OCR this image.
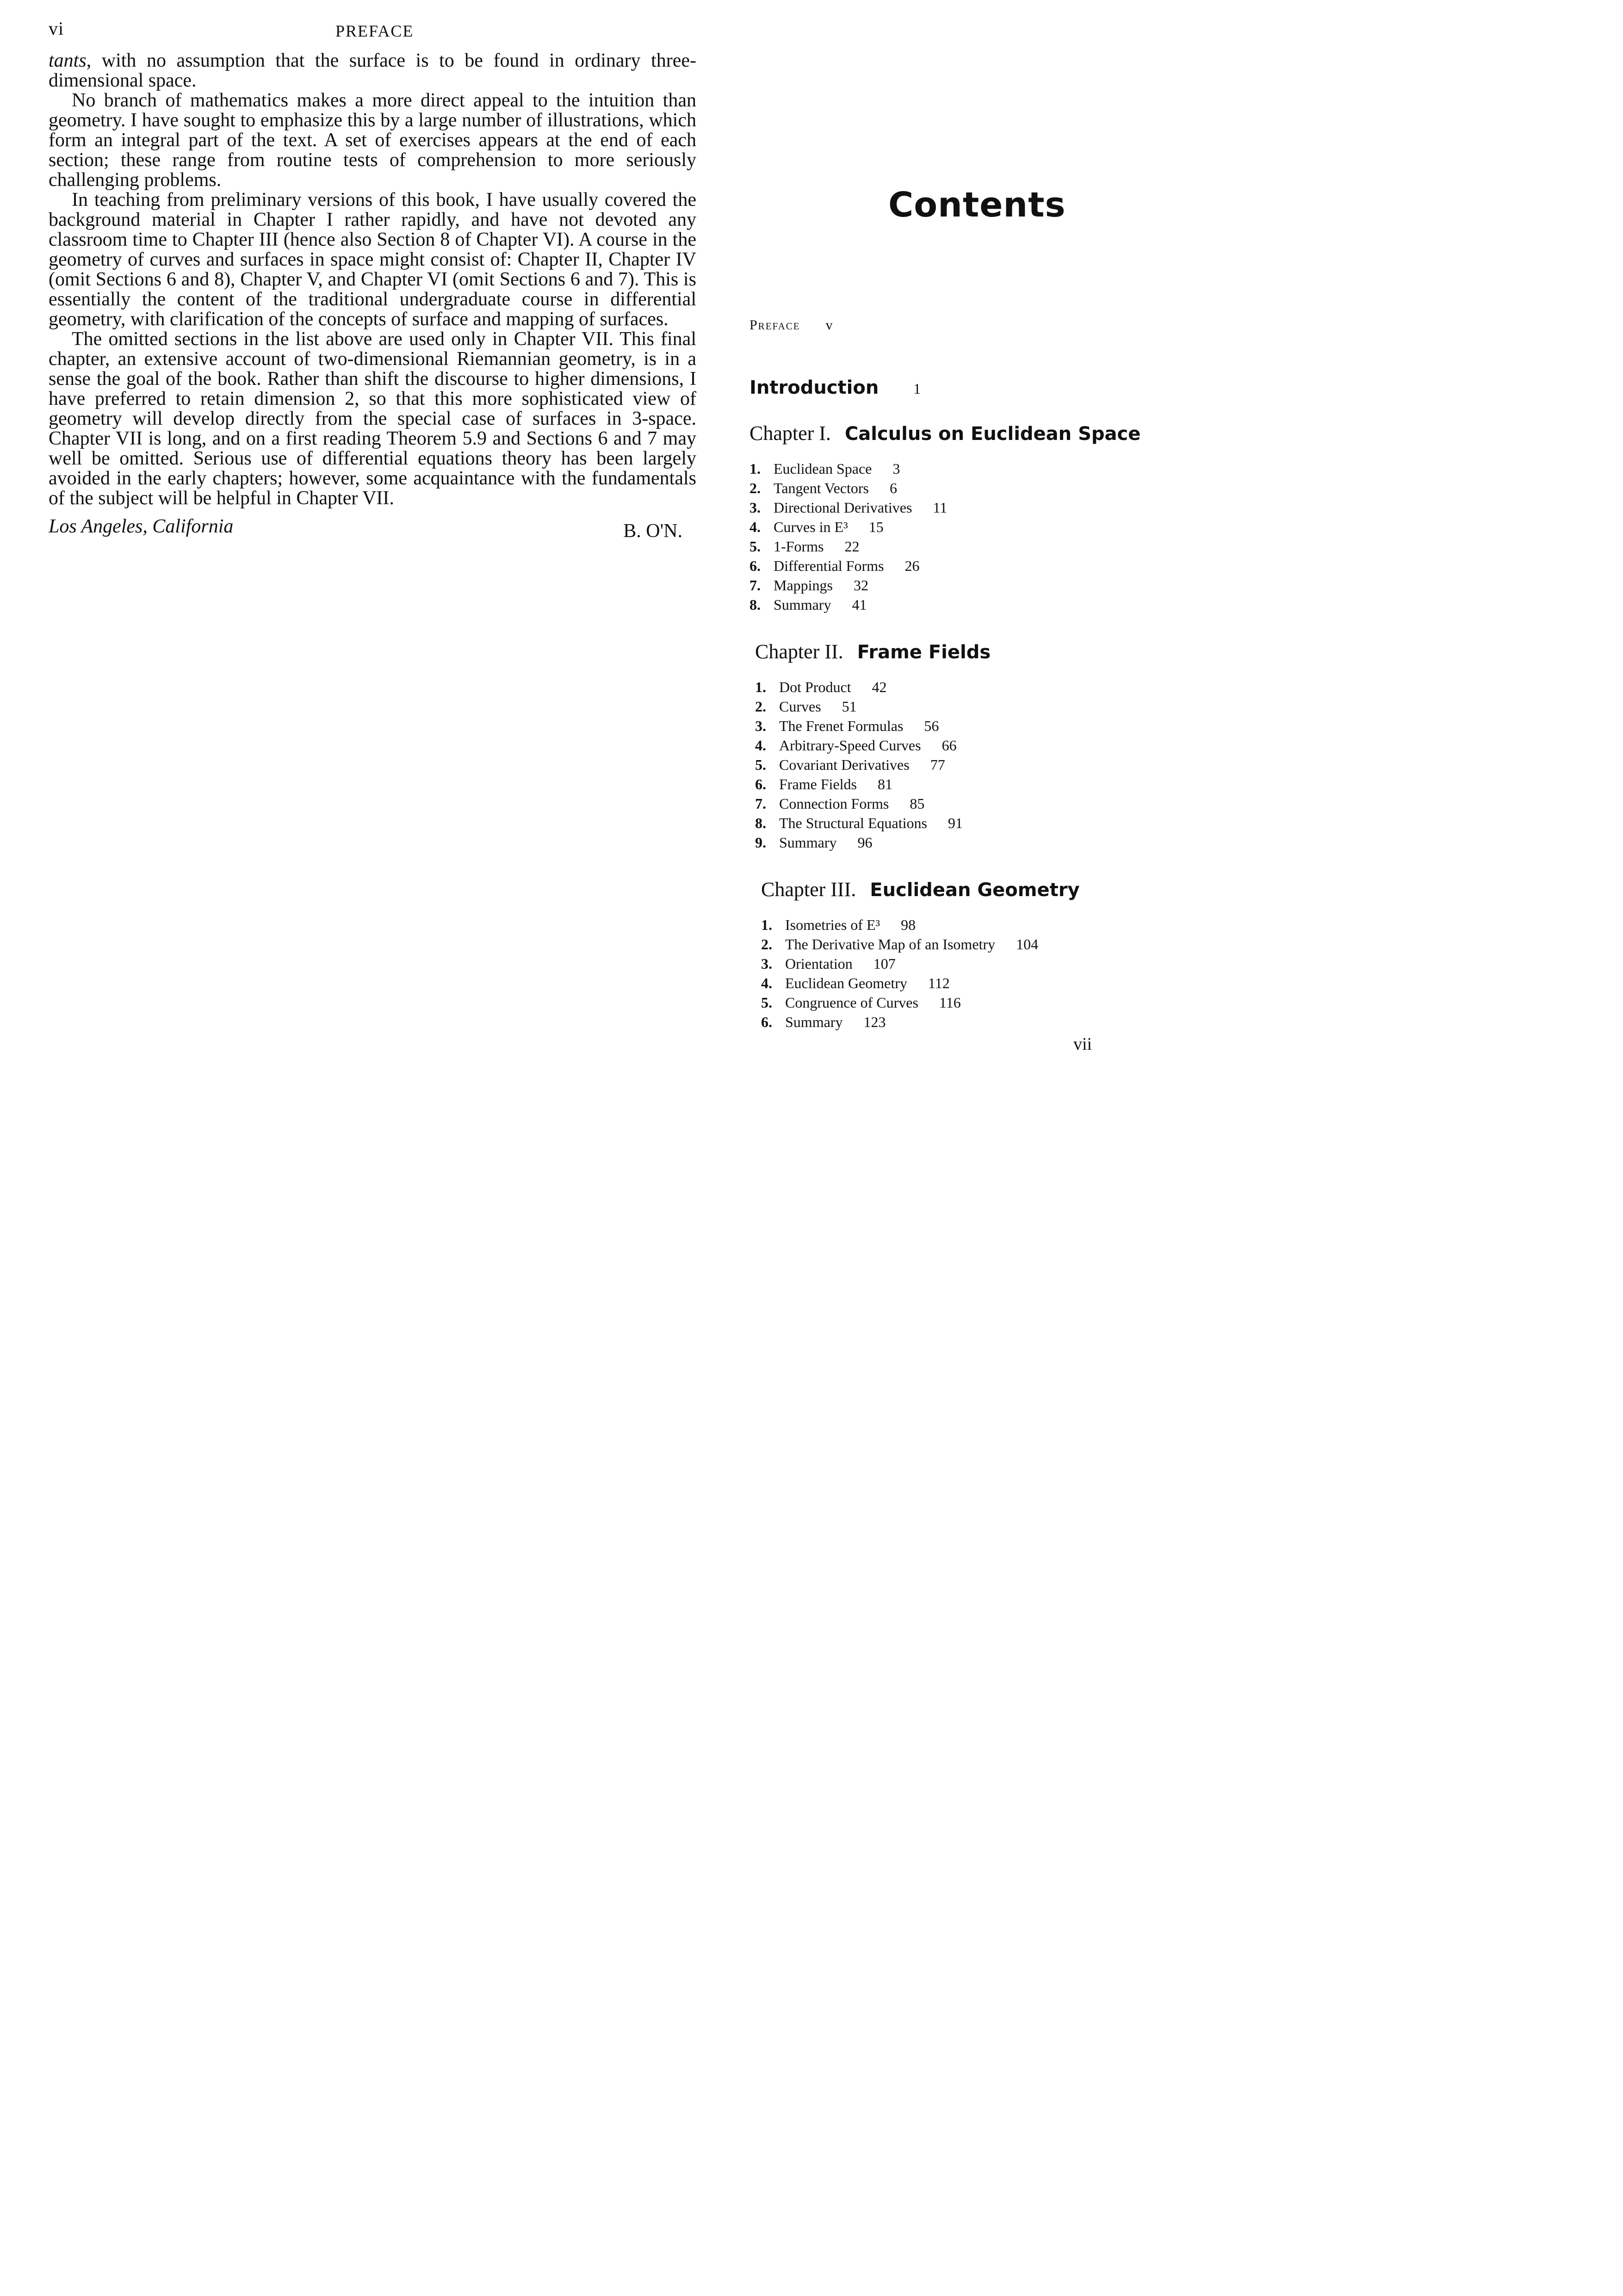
vi	PREFACE

tants, with no assumption that the surface is to be found in ordinary three-dimensional space.

No branch of mathematics makes a more direct appeal to the intuition than geometry. I have sought to emphasize this by a large number of illustrations, which form an integral part of the text. A set of exercises appears at the end of each section; these range from routine tests of comprehension to more seriously challenging problems.

In teaching from preliminary versions of this book, I have usually covered the background material in Chapter I rather rapidly, and have not devoted any classroom time to Chapter III (hence also Section 8 of Chapter VI). A course in the geometry of curves and surfaces in space might consist of: Chapter II, Chapter IV (omit Sections 6 and 8), Chapter V, and Chapter VI (omit Sections 6 and 7). This is essentially the content of the traditional undergraduate course in differential geometry, with clarification of the concepts of surface and mapping of surfaces.

The omitted sections in the list above are used only in Chapter VII. This final chapter, an extensive account of two-dimensional Riemannian geometry, is in a sense the goal of the book. Rather than shift the discourse to higher dimensions, I have preferred to retain dimension 2, so that this more sophisticated view of geometry will develop directly from the special case of surfaces in 3-space. Chapter VII is long, and on a first reading Theorem 5.9 and Sections 6 and 7 may well be omitted. Serious use of differential equations theory has been largely avoided in the early chapters; however, some acquaintance with the fundamentals of the subject will be helpful in Chapter VII.

Los Angeles, California	B. O'N.
Contents
Preface v
Introduction 1
Chapter I. Calculus on Euclidean Space
1. Euclidean Space 3
2. Tangent Vectors 6
3. Directional Derivatives 11
4. Curves in E³ 15
5. 1-Forms 22
6. Differential Forms 26
7. Mappings 32
8. Summary 41
Chapter II. Frame Fields
1. Dot Product 42
2. Curves 51
3. The Frenet Formulas 56
4. Arbitrary-Speed Curves 66
5. Covariant Derivatives 77
6. Frame Fields 81
7. Connection Forms 85
8. The Structural Equations 91
9. Summary 96
Chapter III. Euclidean Geometry
1. Isometries of E³ 98
2. The Derivative Map of an Isometry 104
3. Orientation 107
4. Euclidean Geometry 112
5. Congruence of Curves 116
6. Summary 123
vii
